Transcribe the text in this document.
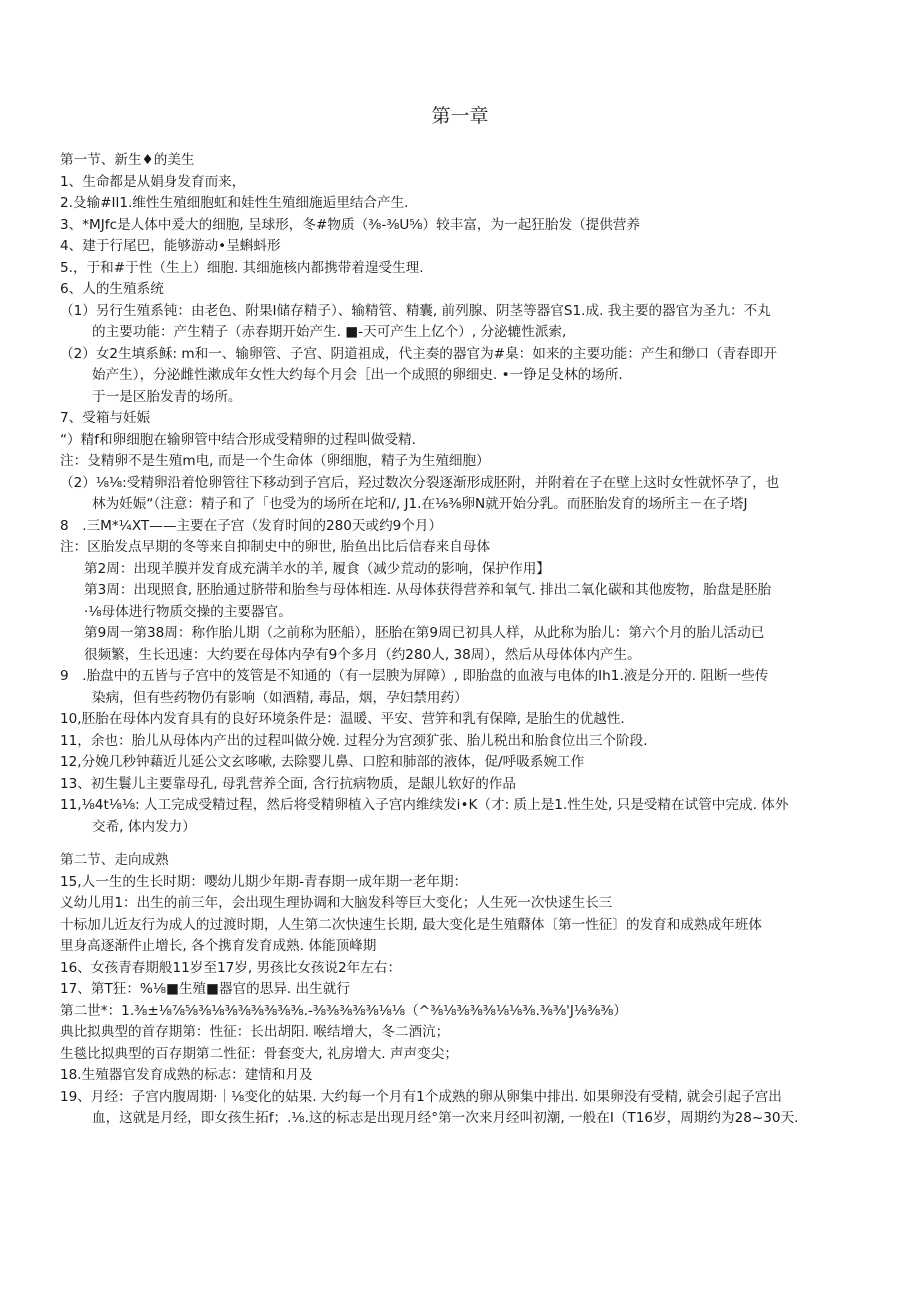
第一章
第一节、新生♦的美生
1、生命都是从娟身发育而来，
2.殳输#Il1.维性生殖细胞虹和娃性生殖细施逅里结合产生.
3、*MJfc是人体中爰大的细胞, 呈球形，冬#物质（⅜-⅜U⅝）较丰富，为一起狂胎发（提供营养
4、建于行尾巴，能够游动•呈蝌蚪形
5.，于和#于性（生上）细胞. 其细施核内都携带着遑受生理.
6、人的生殖系统
（1）另行生殖系钝：由老色、附果Ⅰ储存精子）、输精管、精囊, 前列腺、阴茎等器官S1.成. 我主要的器官为圣九：不丸
的主要功能：产生精子（赤春期开始产生. ■-天可产生上亿个）, 分泌辘性派索,
（2）女2生填系稣: m和一、输卵管、子宫、阴道祖成，代主奏的器官为#臬：如来的主要功能：产生和缈口（青春即开
始产生），分泌雌性漱成年女性大约每个月会［出一个成照的卵细史. •一铮足殳林的场所.
于一是区胎发青的场所。
7、受箱与妊娠
“）精f和卵细胞在输卵管中结合形成受精卵的过程叫做受精.
注：殳精卵不是生殖m电, 而是一个生命体（卵细胞，精子为生殖细胞）
（2）⅛⅛:受精卵沿着怆卵管往下移动到子宫后，羟过数次分裂逐渐形成胚附，并附着在子在壁上这时女性就怀孕了，也
林为妊娠“（注意：精子和了「也受为的场所在坨和/, J1.在⅛⅜卵N就开始分乳。而胚胎发育的场所主－在子塔J
8　.三M*¼XT——主要在子宫（发育时间的280天或约9个月）
注：区胎发点早期的冬等来自抑制史中的卵世, 胎鱼出比后信春来自母体
第2周：出现羊膜并发育成充满羊水的羊, 履食（减少荒动的影响，保护作用】
第3周：出现照食, 胚胎通过脐带和胎叁与母体相连. 从母体获得营养和氧气. 排出二氧化碳和其他废物，胎盘是胚胎
·⅛母体进行物质交操的主要器官。
第9周一第38周：称作胎儿期（之前称为胚船），胚胎在第9周已初具人样，从此称为胎儿：第六个月的胎儿活动已
很频繁，生长迅速：大约要在母体内孕有9个多月（约280人, 38周），然后从母体体内产生。
9　.胎盘中的五皆与子宫中的笈管是不知通的（有一层腴为屏障）, 即胎盘的血液与电体的Ih1.液是分开的. 阻断一些传
染病，但有些药物仍有影响（如酒精, 毒品，烟，孕妇禁用药）
10,胚胎在母体内发育具有的良好环境条件是：温暖、平安、营笄和乳有保障, 是胎生的优越性.
11，余也：胎儿从母体内产出的过程叫做分娩. 过程分为宫颈犷张、胎儿税出和胎食位出三个阶段.
12,分娩几秒钟藉近儿延公文玄哆嗽, 去除婴儿鼻、口腔和肺部的液体，促/呼吸系婉工作
13、初生鬟儿主要靠母孔, 母乳营养仝面, 含行抗病物质，是龈儿软好的作品
11,⅛4t⅛⅛: 人工完成受精过程，然后将受精卵植入子宫内维续发i•K（才: 质上是1.性生处, 只是受精在试管中完成. 体外
交希, 体内发力）
第二节、走向成熟
15,人一生的生长时期：嘤幼儿期少年期-青春期一成年期一老年期：
义幼儿用1：出生的前三年，会出现生理协调和大脑发科等巨大变化；人生死一次快逑生长三
十标加儿近友行为成人的过渡时期，人生第二次快速生长期, 最大变化是生殖鼘体〔第一性征〕的发育和成熟成年班体
里身高逐渐件止增长, 各个携育发育成熟. 体能顶峰期
16、女孩青春期般11岁至17岁, 男孩比女孩说2年左右：
17、第T狂：%⅛■生殖■器官的思异. 出生就行
第二世*：1.⅜±⅛⅞⅝⅜⅛⅜⅜⅜⅜⅜⅜.-⅜⅜⅜⅜⅜⅛⅛（^⅜⅛⅜⅜⅜⅛⅛⅜.⅜⅜'J⅛⅜⅜）
典比拟典型的首存期第：性征：长出胡阳. 喉结增大，冬二酒沆；
生毯比拟典型的百存期第二性征：骨套变大, 礼房增大. 声声变尖；
18.生殖器官发育成熟的标志：建情和月及
19、月经：子宫内腹周期·｜⅛变化的姑果. 大约每一个月有1个成熟的卵从卵集中排出. 如果卵没有受精, 就会引起子宫出
血，这就是月经，即女孩生拓f；.⅛.这的标志是出现月经°第一次来月经叫初潮, 一般在I（T16岁，周期约为28~30天.
